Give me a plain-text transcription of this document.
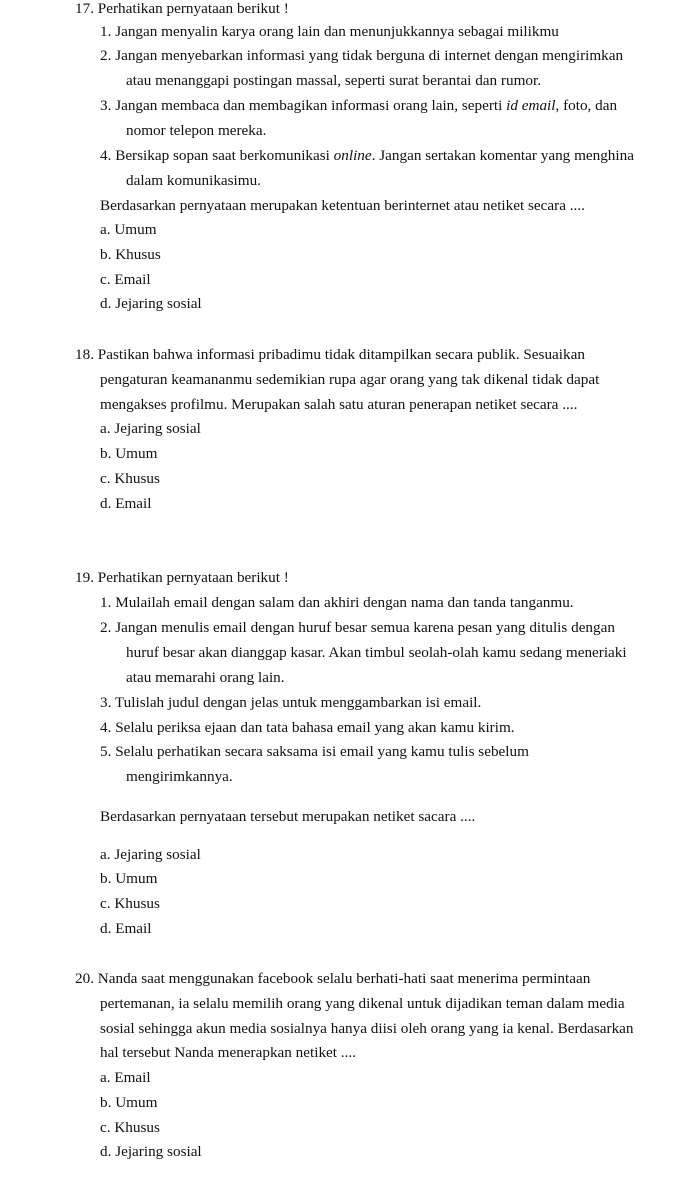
17. Perhatikan pernyataan berikut !
1. Jangan menyalin karya orang lain dan menunjukkannya sebagai milikmu
2. Jangan menyebarkan informasi yang tidak berguna di internet dengan mengirimkan
atau menanggapi postingan massal, seperti surat berantai dan rumor.
3. Jangan membaca dan membagikan informasi orang lain, seperti id email, foto, dan
nomor telepon mereka.
4. Bersikap sopan saat berkomunikasi online. Jangan sertakan komentar yang menghina
dalam komunikasimu.
Berdasarkan pernyataan merupakan ketentuan berinternet atau netiket secara ....
a. Umum
b. Khusus
c. Email
d. Jejaring sosial
18. Pastikan bahwa informasi pribadimu tidak ditampilkan secara publik. Sesuaikan
pengaturan keamananmu sedemikian rupa agar orang yang tak dikenal tidak dapat
mengakses profilmu. Merupakan salah satu aturan penerapan netiket secara ....
a. Jejaring sosial
b. Umum
c. Khusus
d. Email
19. Perhatikan pernyataan berikut !
1. Mulailah email dengan salam dan akhiri dengan nama dan tanda tanganmu.
2. Jangan menulis email dengan huruf besar semua karena pesan yang ditulis dengan
huruf besar akan dianggap kasar. Akan timbul seolah-olah kamu sedang meneriaki
atau memarahi orang lain.
3. Tulislah judul dengan jelas untuk menggambarkan isi email.
4. Selalu periksa ejaan dan tata bahasa email yang akan kamu kirim.
5. Selalu perhatikan secara saksama isi email yang kamu tulis sebelum
mengirimkannya.
Berdasarkan pernyataan tersebut merupakan netiket sacara ....
a. Jejaring sosial
b. Umum
c. Khusus
d. Email
20. Nanda saat menggunakan facebook selalu berhati-hati saat menerima permintaan
pertemanan, ia selalu memilih orang yang dikenal untuk dijadikan teman dalam media
sosial sehingga akun media sosialnya hanya diisi oleh orang yang ia kenal. Berdasarkan
hal tersebut Nanda menerapkan netiket ....
a. Email
b. Umum
c. Khusus
d. Jejaring sosial
